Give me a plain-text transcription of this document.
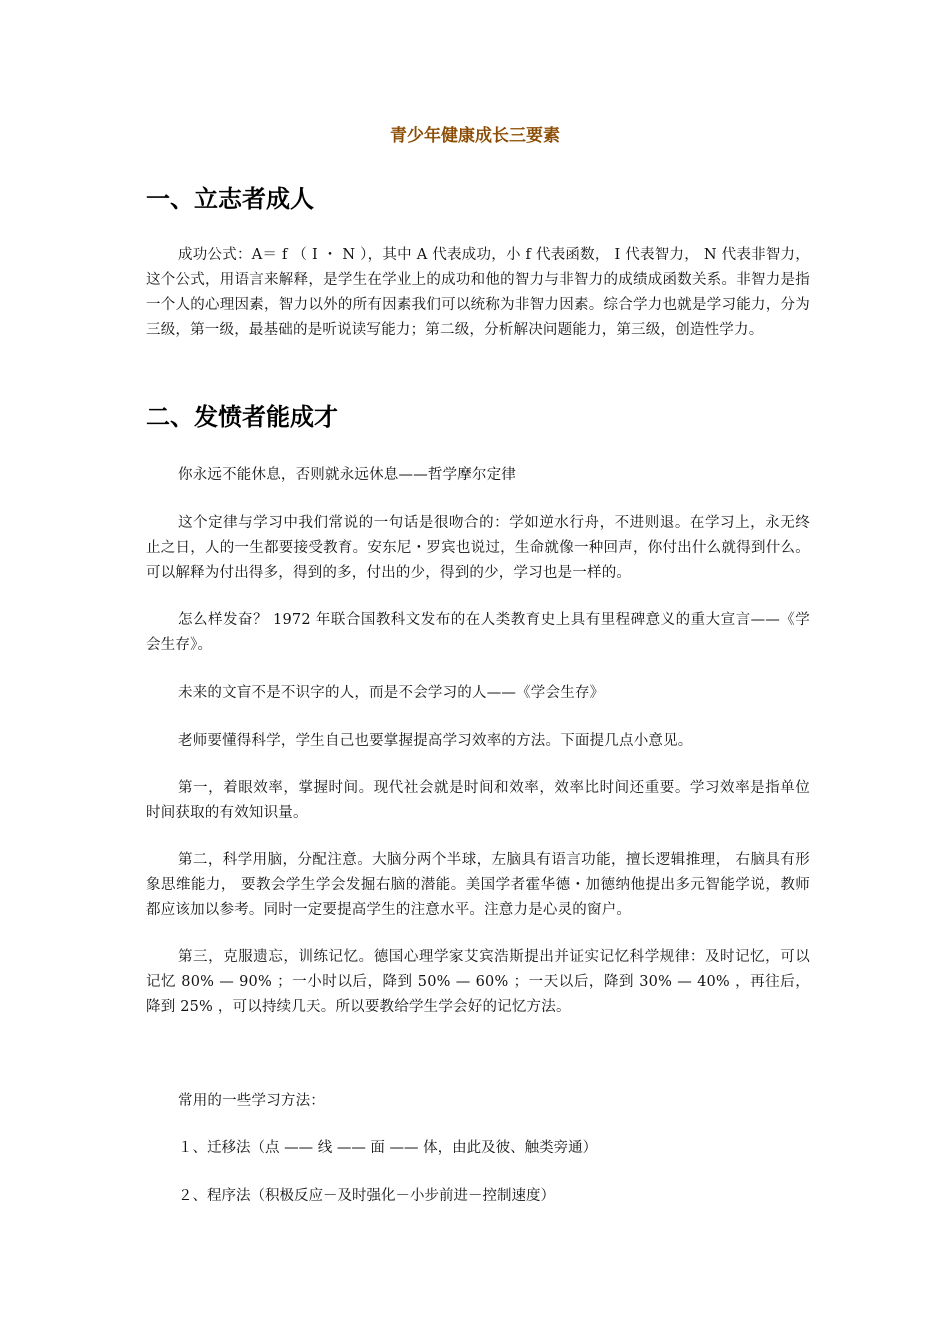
青少年健康成长三要素
一、立志者成人

成功公式：A＝ f （ I ・ N ），其中 A 代表成功，小 f 代表函数， I 代表智力， N 代表非智力，这个公式，用语言来解释，是学生在学业上的成功和他的智力与非智力的成绩成函数关系。非智力是指一个人的心理因素，智力以外的所有因素我们可以统称为非智力因素。综合学力也就是学习能力，分为三级，第一级，最基础的是听说读写能力；第二级，分析解决问题能力，第三级，创造性学力。

二、发愤者能成才

你永远不能休息，否则就永远休息——哲学摩尔定律

这个定律与学习中我们常说的一句话是很吻合的：学如逆水行舟，不进则退。在学习上，永无终止之日，人的一生都要接受教育。安东尼・罗宾也说过，生命就像一种回声，你付出什么就得到什么。可以解释为付出得多，得到的多，付出的少，得到的少，学习也是一样的。

怎么样发奋？ 1972 年联合国教科文发布的在人类教育史上具有里程碑意义的重大宣言——《学会生存》。

未来的文盲不是不识字的人，而是不会学习的人——《学会生存》

老师要懂得科学，学生自己也要掌握提高学习效率的方法。下面提几点小意见。

第一，着眼效率，掌握时间。现代社会就是时间和效率，效率比时间还重要。学习效率是指单位时间获取的有效知识量。

第二，科学用脑，分配注意。大脑分两个半球，左脑具有语言功能，擅长逻辑推理， 右脑具有形象思维能力， 要教会学生学会发掘右脑的潜能。美国学者霍华德・加德纳他提出多元智能学说，教师都应该加以参考。同时一定要提高学生的注意水平。注意力是心灵的窗户。

第三，克服遗忘，训练记忆。德国心理学家艾宾浩斯提出并证实记忆科学规律：及时记忆，可以记忆 80% — 90% ；一小时以后，降到 50% — 60% ；一天以后，降到 30% — 40% ，再往后，降到 25% ，可以持续几天。所以要教给学生学会好的记忆方法。

常用的一些学习方法：

１、迁移法（点 —— 线 —— 面 —— 体，由此及彼、触类旁通）

２、程序法（积极反应－及时强化－小步前进－控制速度）
